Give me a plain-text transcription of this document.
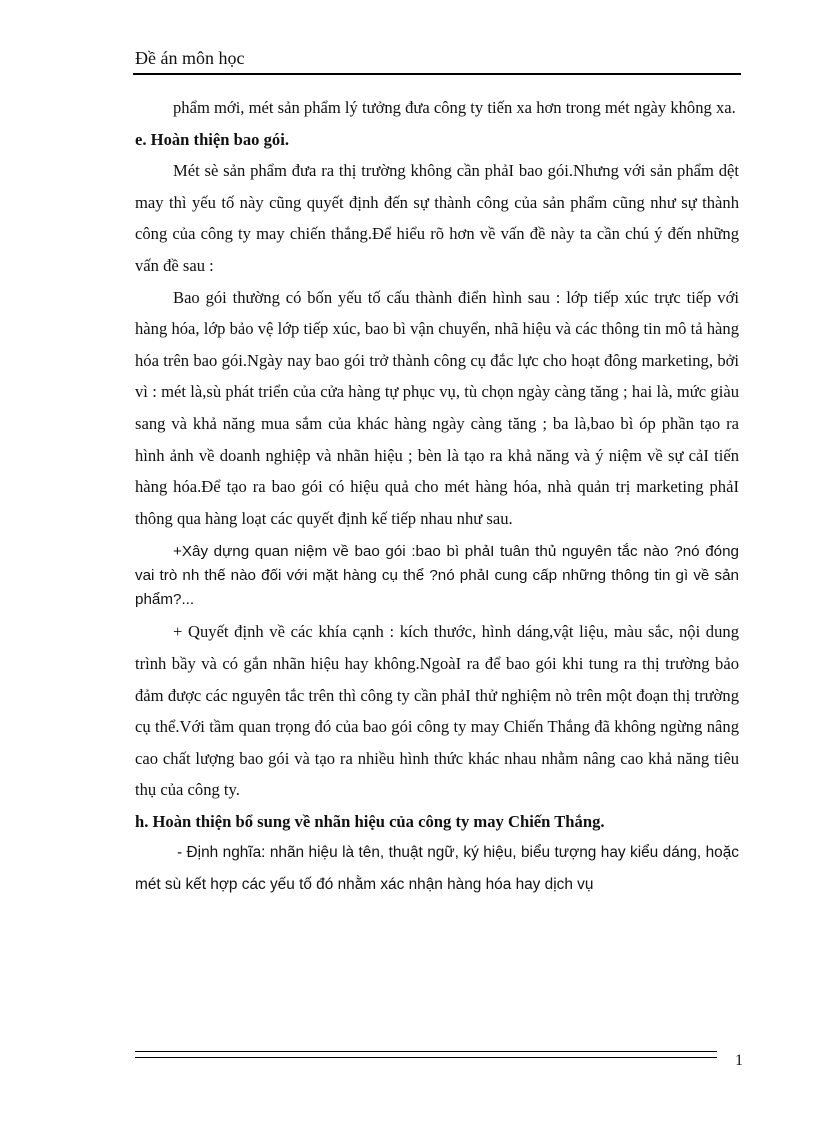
Đề án môn học

phẩm mới, mét sản phẩm lý tưởng đưa công ty tiến xa hơn trong mét ngày không xa.

e. Hoàn thiện bao gói.

Mét sè sản phẩm đưa ra thị trường không cần phảI bao gói.Nhưng với sản phẩm dệt may thì yếu tố này cũng quyết định đến sự thành công của sản phẩm cũng như sự thành công của công ty may chiến thắng.Để hiểu rõ hơn về vấn đề này ta cần chú ý đến những vấn đề sau :

Bao gói thường có bốn yếu tố cấu thành điển hình sau : lớp tiếp xúc trực tiếp với hàng hóa, lớp bảo vệ lớp tiếp xúc, bao bì vận chuyển, nhã hiệu và các thông tin mô tả hàng hóa trên bao gói.Ngày nay bao gói trở thành công cụ đắc lực cho hoạt đông marketing, bởi vì : mét là,sù phát triển của cửa hàng tự phục vụ, tù chọn ngày càng tăng ; hai là, mức giàu sang và khả năng mua sắm của khác hàng ngày càng tăng ; ba là,bao bì óp phần tạo ra hình ảnh về doanh nghiệp và nhãn hiệu ; bèn là tạo ra khả năng và ý niệm về sự cảI tiến hàng hóa.Để tạo ra bao gói có hiệu quả cho mét hàng hóa, nhà quản trị marketing phảI thông qua hàng loạt các quyết định kế tiếp nhau như sau.

+Xây dựng quan niệm về bao gói :bao bì phảI tuân thủ nguyên tắc nào ?nó đóng vai trò nh thế nào đối với mặt hàng cụ thể ?nó phảI cung cấp những thông tin gì về sản phẩm?...

+ Quyết định về các khía cạnh : kích thước, hình dáng,vật liệu, màu sắc, nội dung trình bầy và có gắn nhãn hiệu hay không.NgoàI ra để bao gói khi tung ra thị trường bảo đảm được các nguyên tắc trên thì công ty cần phảI thử nghiệm nò trên một đoạn thị trường cụ thể.Với tầm quan trọng đó của bao gói công ty may Chiến Thắng đã không ngừng nâng cao chất lượng bao gói và tạo ra nhiều hình thức khác nhau nhằm nâng cao khả năng tiêu thụ của công ty.

h. Hoàn thiện bổ sung về nhãn hiệu của công ty may Chiến Thắng.

- Định nghĩa: nhãn hiệu là tên, thuật ngữ, ký hiệu, biểu tượng hay kiểu dáng, hoặc mét sù kết hợp các yếu tố đó nhằm xác nhận hàng hóa hay dịch vụ

1
